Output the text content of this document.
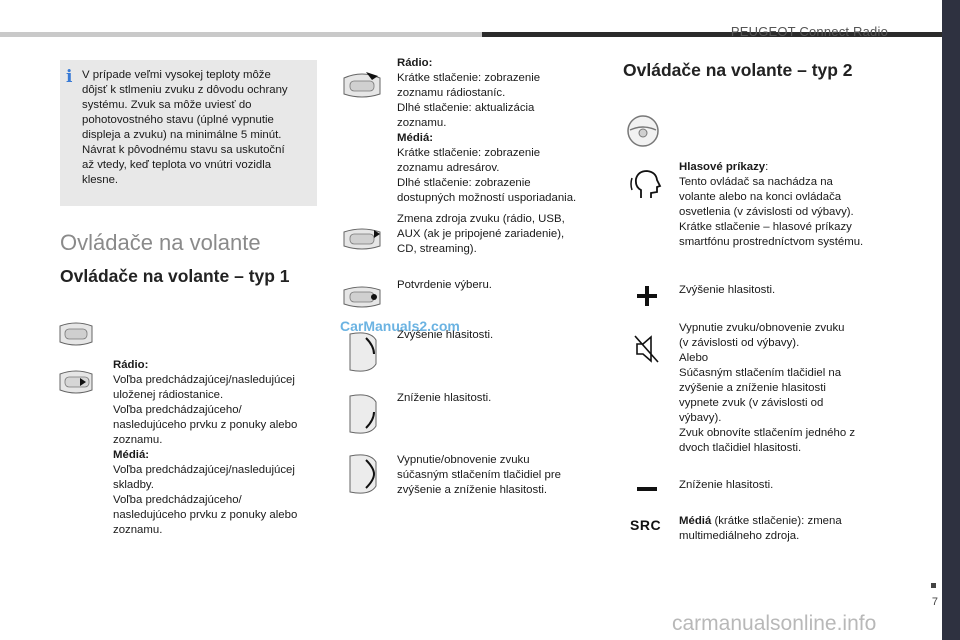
PEUGEOT Connect Radio
7
i V prípade veľmi vysokej teploty môže
dôjsť k stlmeniu zvuku z dôvodu ochrany
systému. Zvuk sa môže uviesť do
pohotovostného stavu (úplné vypnutie
displeja a zvuku) na minimálne 5 minút.
Návrat k pôvodnému stavu sa uskutoční
až vtedy, keď teplota vo vnútri vozidla
klesne.
Ovládače na volante
Ovládače na volante – typ 1
Rádio:
Voľba predchádzajúcej/nasledujúcej
uloženej rádiostanice.
Voľba predchádzajúceho/
nasledujúceho prvku z ponuky alebo
zoznamu.
Médiá:
Voľba predchádzajúcej/nasledujúcej
skladby.
Voľba predchádzajúceho/
nasledujúceho prvku z ponuky alebo
zoznamu.
Rádio:
Krátke stlačenie: zobrazenie
zoznamu rádiostaníc.
Dlhé stlačenie: aktualizácia
zoznamu.
Médiá:
Krátke stlačenie: zobrazenie
zoznamu adresárov.
Dlhé stlačenie: zobrazenie
dostupných možností usporiadania.
Zmena zdroja zvuku (rádio, USB,
AUX (ak je pripojené zariadenie),
CD, streaming).
Potvrdenie výberu.
Zvýšenie hlasitosti.
Zníženie hlasitosti.
Vypnutie/obnovenie zvuku
súčasným stlačením tlačidiel pre
zvýšenie a zníženie hlasitosti.
CarManuals2.com
Ovládače na volante – typ 2
Hlasové príkazy:
Tento ovládač sa nachádza na
volante alebo na konci ovládača
osvetlenia (v závislosti od výbavy).
Krátke stlačenie – hlasové príkazy
smartfónu prostredníctvom systému.
Zvýšenie hlasitosti.
Vypnutie zvuku/obnovenie zvuku
(v závislosti od výbavy).
Alebo
Súčasným stlačením tlačidiel na
zvýšenie a zníženie hlasitosti
vypnete zvuk (v závislosti od
výbavy).
Zvuk obnovíte stlačením jedného z
dvoch tlačidiel hlasitosti.
Zníženie hlasitosti.
SRC Médiá (krátke stlačenie): zmena
multimediálneho zdroja.
carmanualsonline.info
